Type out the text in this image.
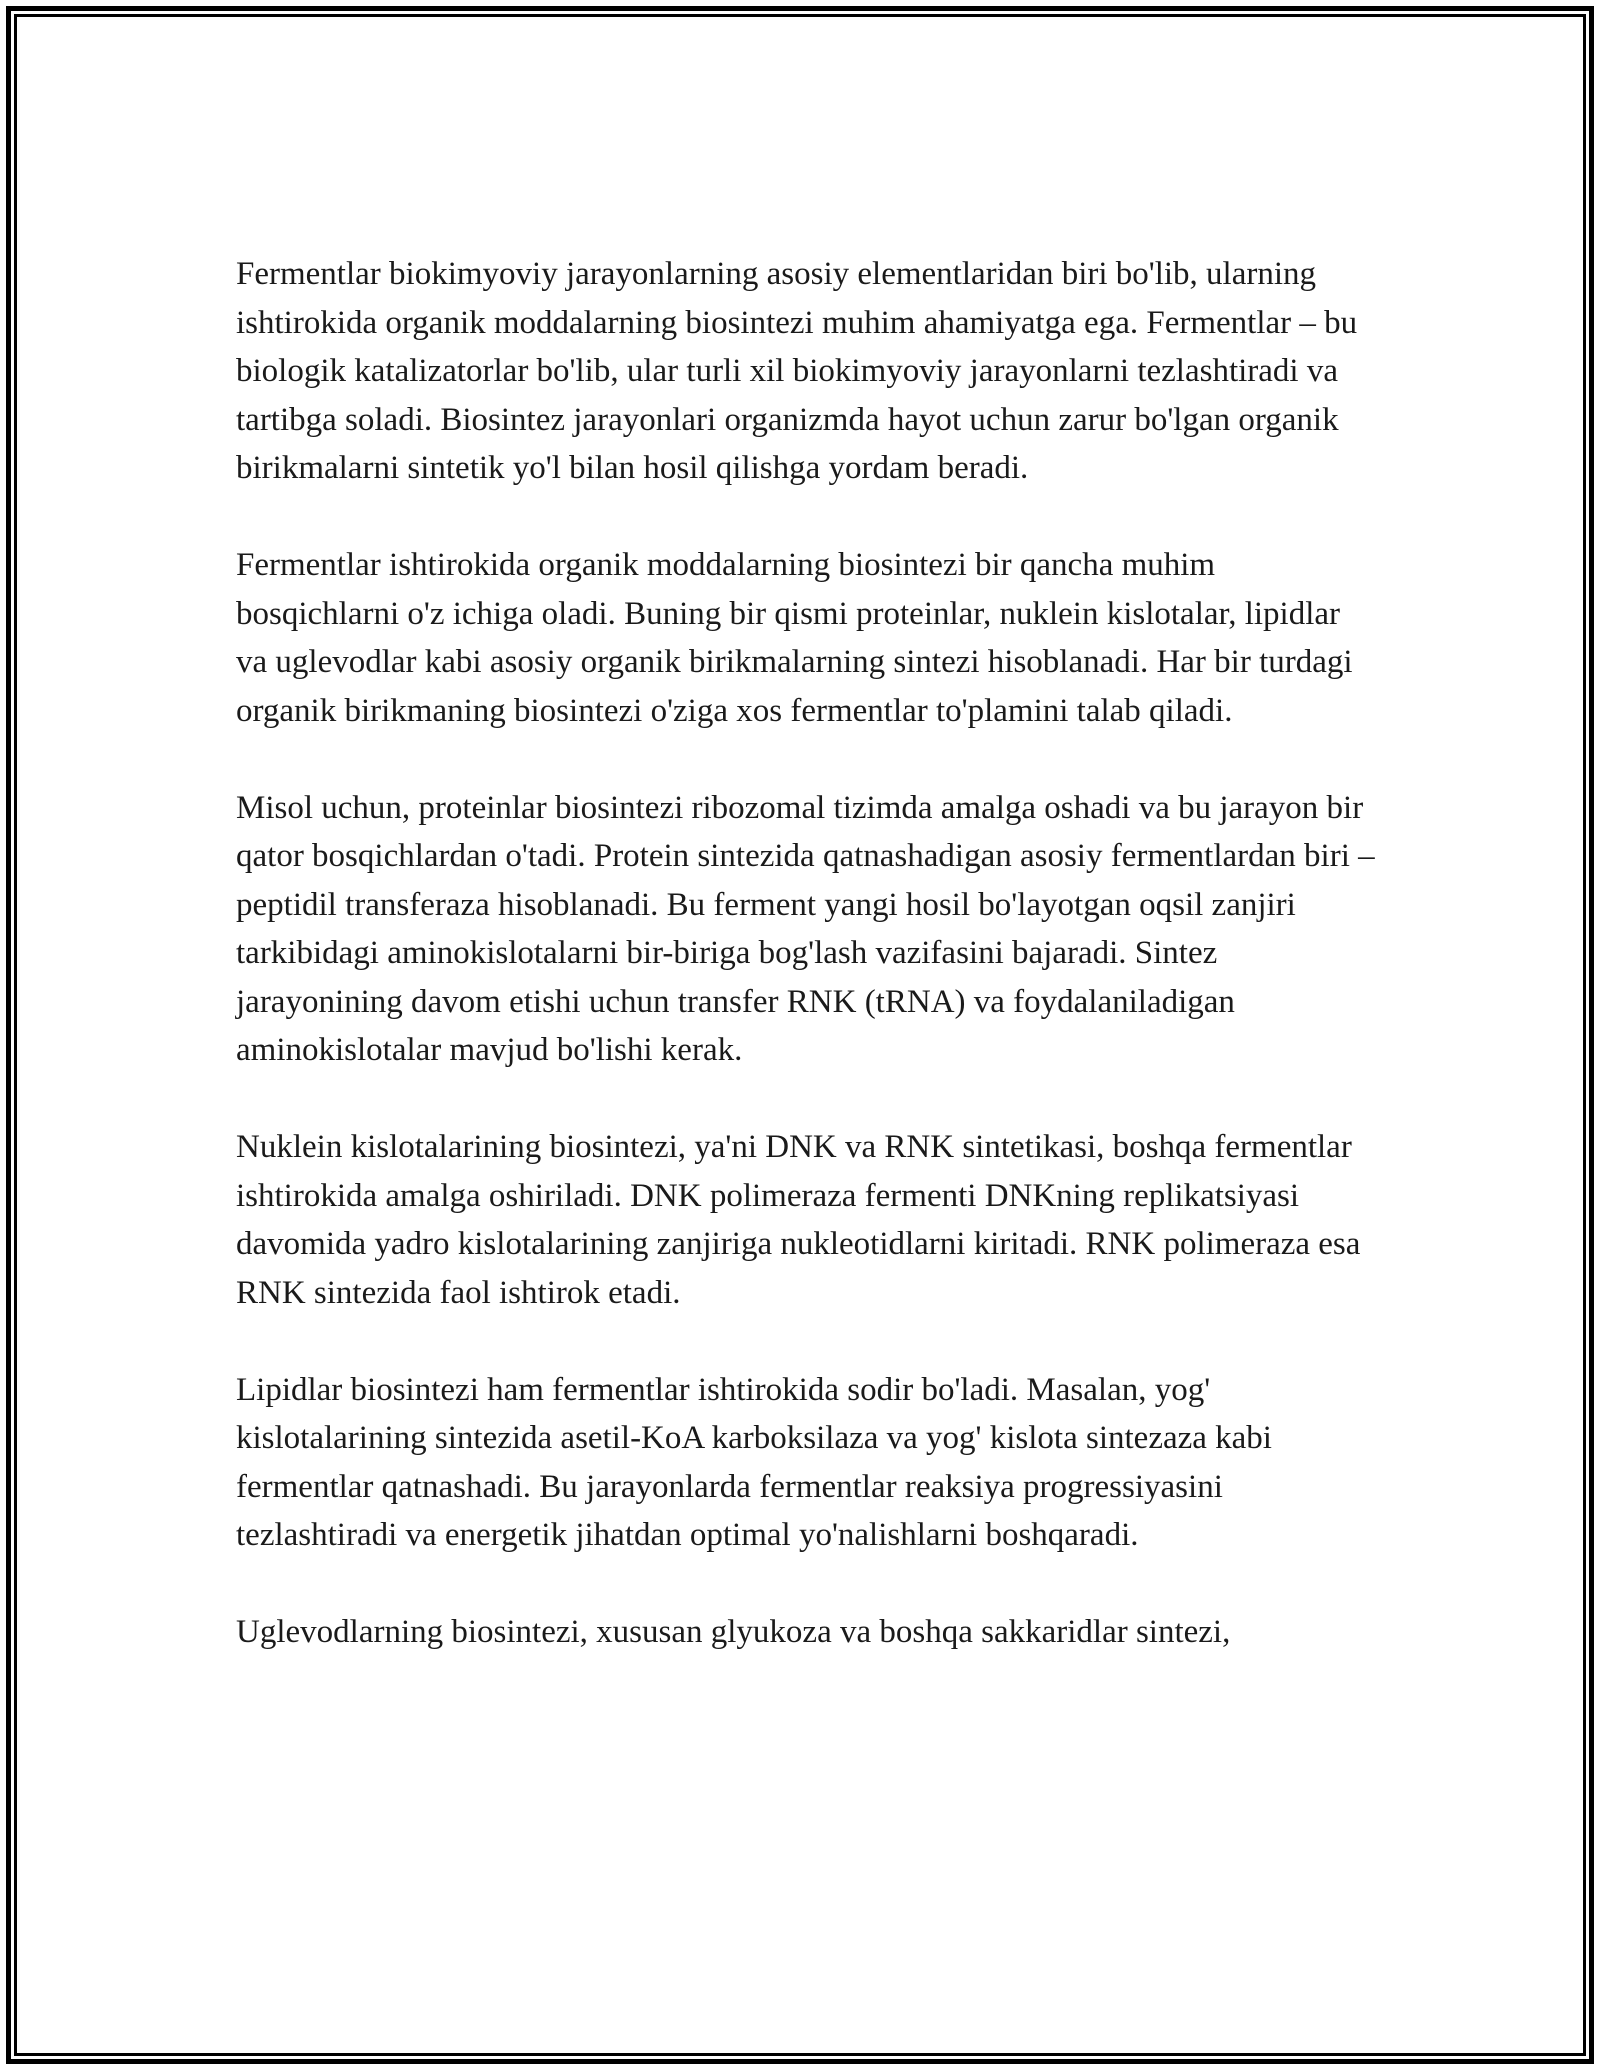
Fermentlar biokimyoviy jarayonlarning asosiy elementlaridan biri bo'lib, ularning ishtirokida organik moddalarning biosintezi muhim ahamiyatga ega. Fermentlar – bu biologik katalizatorlar bo'lib, ular turli xil biokimyoviy jarayonlarni tezlashtiradi va tartibga soladi. Biosintez jarayonlari organizmda hayot uchun zarur bo'lgan organik birikmalarni sintetik yo'l bilan hosil qilishga yordam beradi.

Fermentlar ishtirokida organik moddalarning biosintezi bir qancha muhim bosqichlarni o'z ichiga oladi. Buning bir qismi proteinlar, nuklein kislotalar, lipidlar va uglevodlar kabi asosiy organik birikmalarning sintezi hisoblanadi. Har bir turdagi organik birikmaning biosintezi o'ziga xos fermentlar to'plamini talab qiladi.

Misol uchun, proteinlar biosintezi ribozomal tizimda amalga oshadi va bu jarayon bir qator bosqichlardan o'tadi. Protein sintezida qatnashadigan asosiy fermentlardan biri – peptidil transferaza hisoblanadi. Bu ferment yangi hosil bo'layotgan oqsil zanjiri tarkibidagi aminokislotalarni bir-biriga bog'lash vazifasini bajaradi. Sintez jarayonining davom etishi uchun transfer RNK (tRNA) va foydalaniladigan aminokislotalar mavjud bo'lishi kerak.

Nuklein kislotalarining biosintezi, ya'ni DNK va RNK sintetikasi, boshqa fermentlar ishtirokida amalga oshiriladi. DNK polimeraza fermenti DNKning replikatsiyasi davomida yadro kislotalarining zanjiriga nukleotidlarni kiritadi. RNK polimeraza esa RNK sintezida faol ishtirok etadi.

Lipidlar biosintezi ham fermentlar ishtirokida sodir bo'ladi. Masalan, yog' kislotalarining sintezida asetil-KoA karboksilaza va yog' kislota sintezaza kabi fermentlar qatnashadi. Bu jarayonlarda fermentlar reaksiya progressiyasini tezlashtiradi va energetik jihatdan optimal yo'nalishlarni boshqaradi.

Uglevodlarning biosintezi, xususan glyukoza va boshqa sakkaridlar sintezi,
